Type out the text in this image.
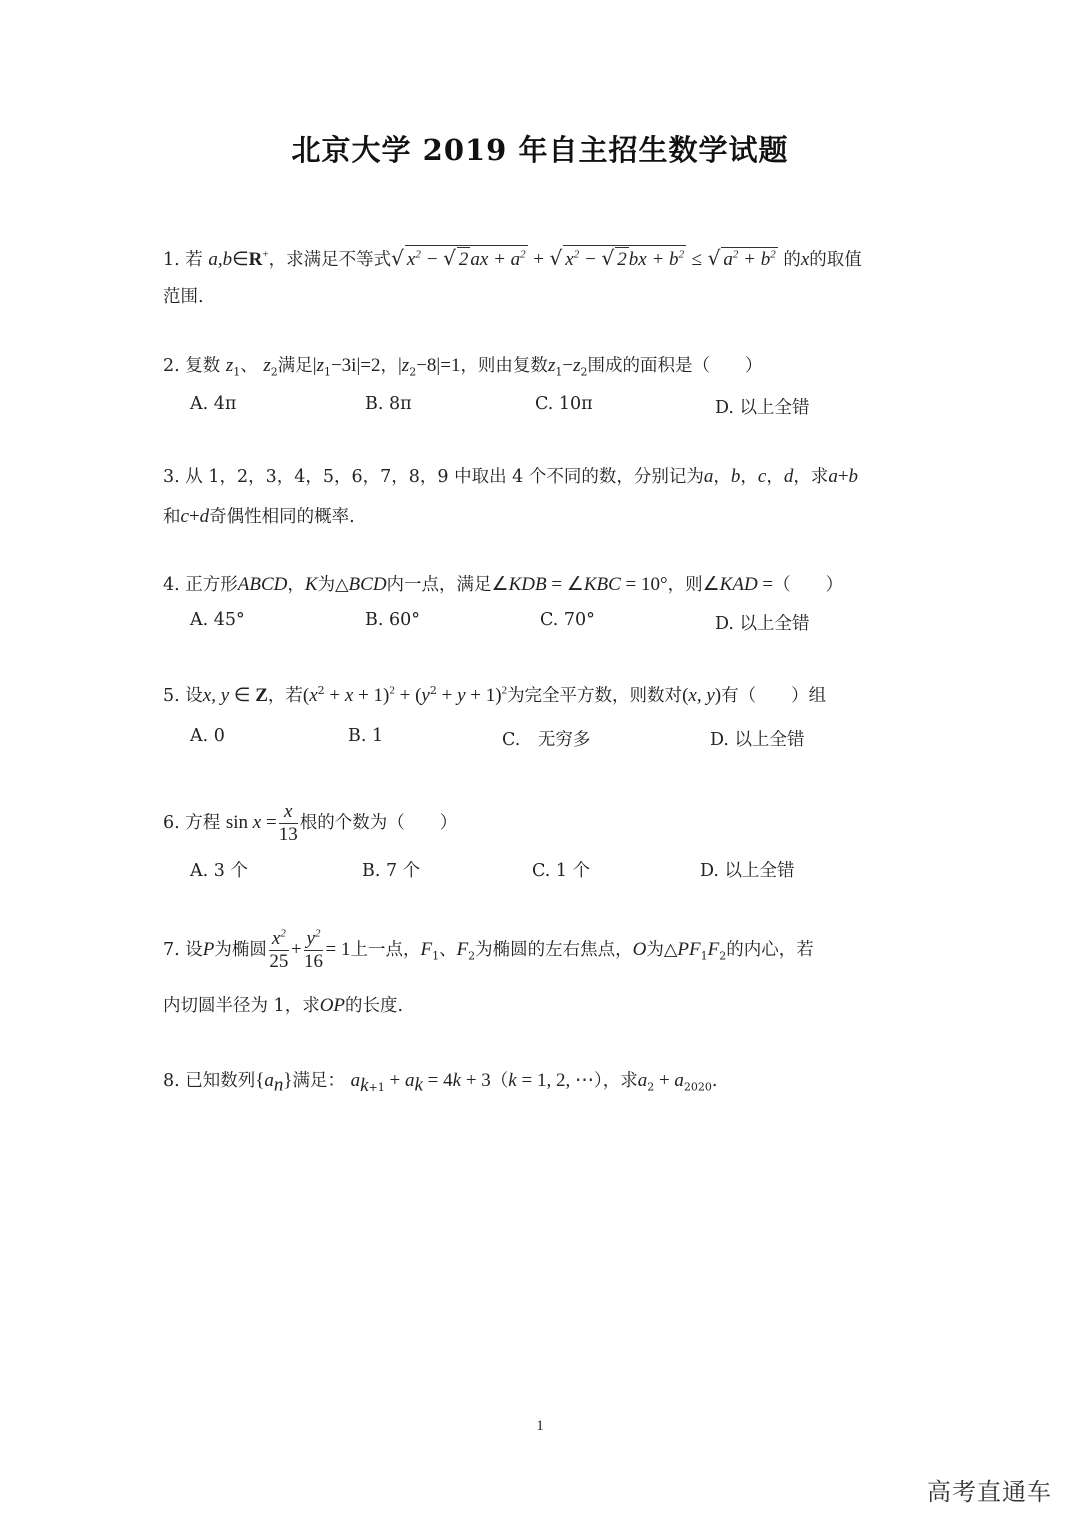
北京大学 2019 年自主招生数学试题
1. 若 a,b∈R+，求满足不等式√ $x^2$ − √ 2 ax + $a^2$ + √ $x^2$ − √ 2 bx + $b^2$ ≤ √ $a^2 + b^2$ 的x的取值
范围.
2. 复数 $z_1$、 $z_2$满足$|z_1-3i|=2$，$|z_2-8|=1$，则由复数$z_1-z_2$围成的面积是（　　）
A. 4π	B. 8π	C. 10π	D. 以上全错
3. 从 1，2，3，4，5，6，7，8，9 中取出 4 个不同的数，分别记为a，b，c，d，求a+b
和c+d奇偶性相同的概率.
4. 正方形ABCD，K为△BCD内一点，满足∠KDB = ∠KBC = 10°，则∠KAD =（　　）
A. 45°	B. 60°	C. 70°	D. 以上全错
5. 设x, y ∈ Z，若$(x^2 + x + 1)^2 + (y^2 + y + 1)^2$为完全平方数，则数对(x, y)有（　　）组
A. 0	B. 1	C.　无穷多	D. 以上全错
6. 方程 $\sin x = \frac{x}{13}$ 根的个数为（　　）
A. 3 个	B. 7 个	C. 1 个	D. 以上全错
7. 设P为椭圆 $\frac{x^2}{25} + \frac{y^2}{16} = 1$上一点，$F_1$、$F_2$为椭圆的左右焦点，O为$\triangle PF_1F_2$的内心，若
内切圆半径为 1，求OP的长度.
8. 已知数列$\{a_n\}$满足： $a_{k+1} + a_k = 4k + 3(k = 1$, 2, ⋯），求$a_2 + a_{2020}$.
1
高考直通车
